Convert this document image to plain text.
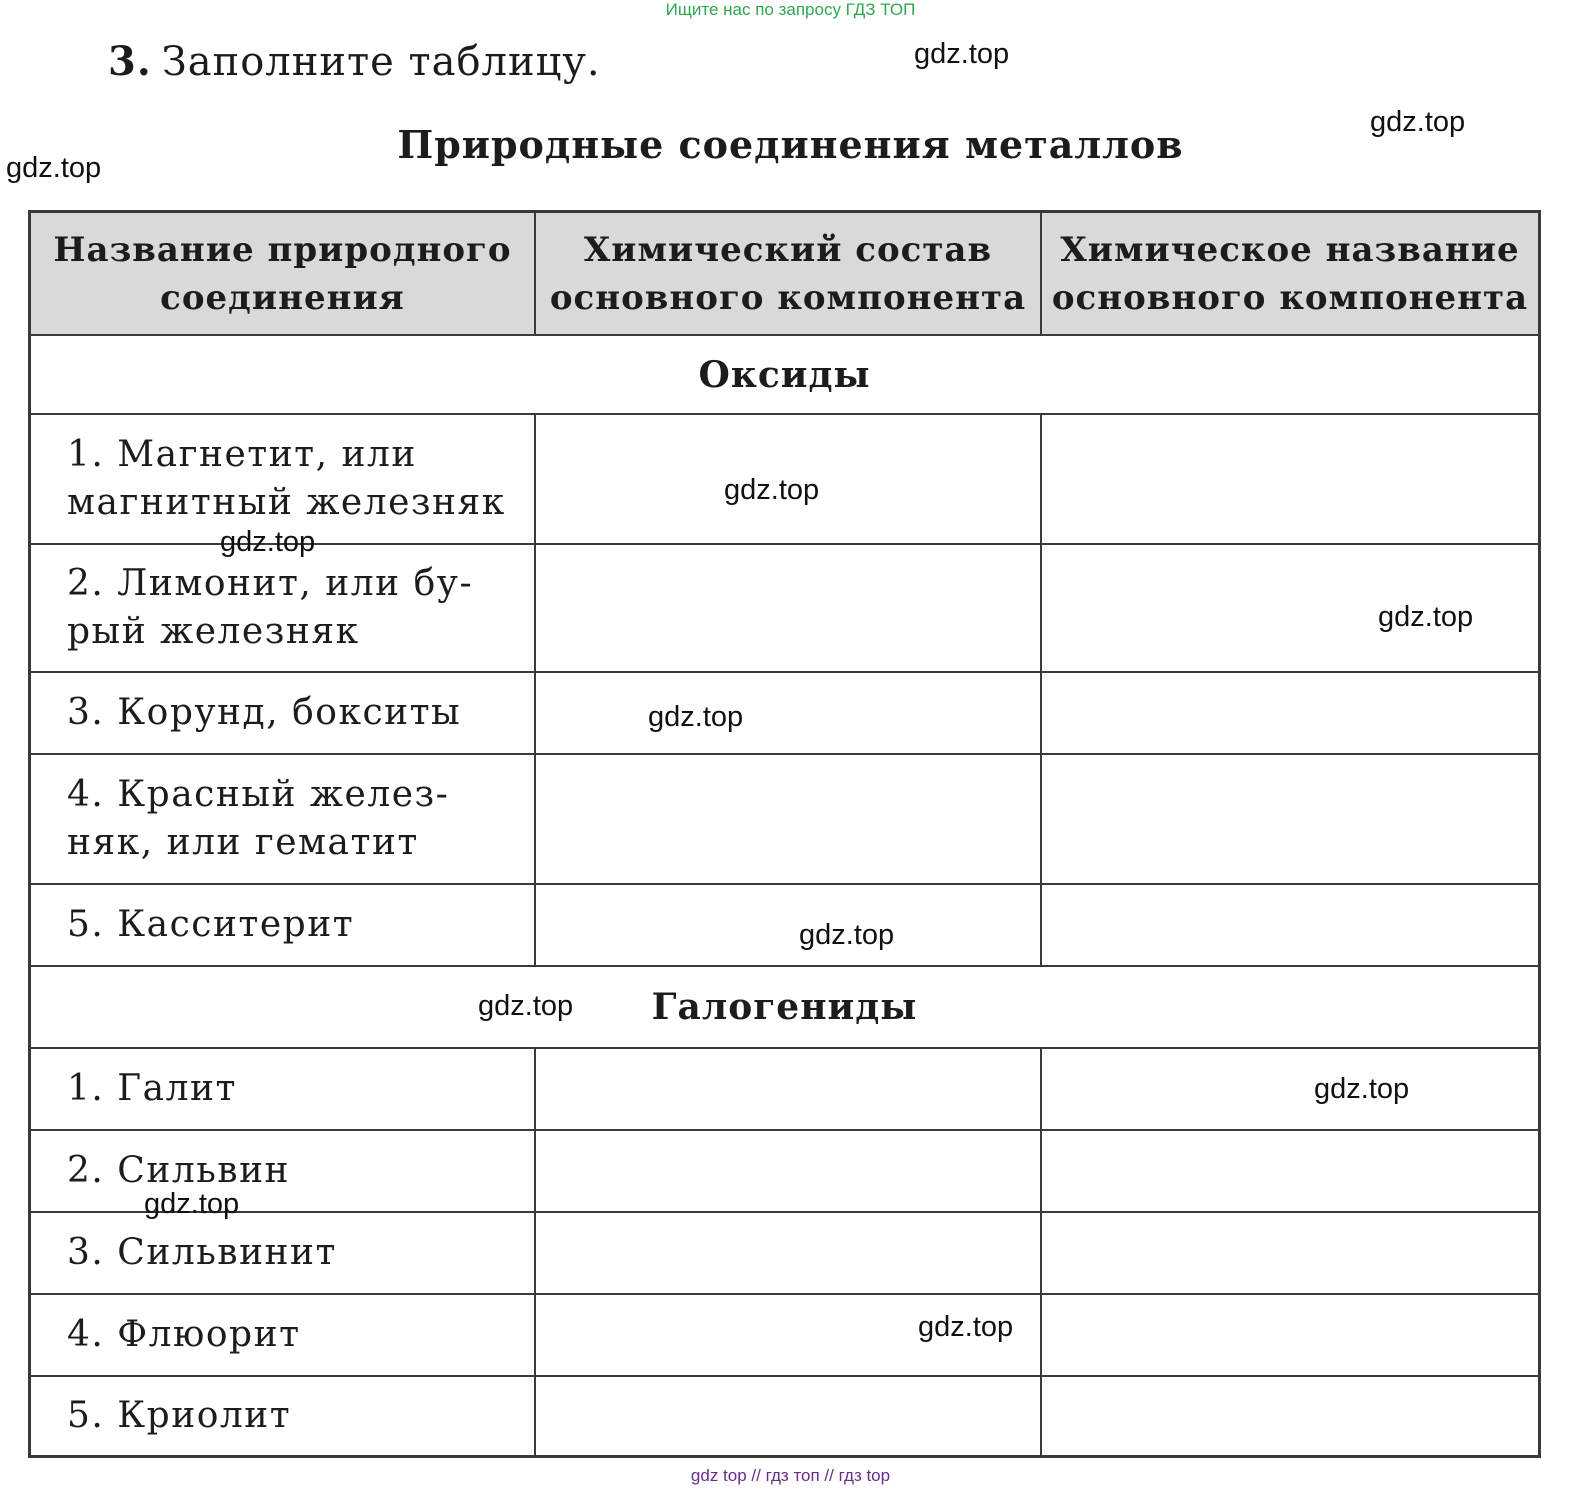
Ищите нас по запросу ГДЗ ТОП
3. Заполните таблицу.
Природные соединения металлов
Название природного соединения
Химический состав основного компонента
Химическое название основного компонента
Оксиды
1. Магнетит, или магнитный железняк
2. Лимонит, или бу-рый железняк
3. Корунд, бокситы
4. Красный желез-няк, или гематит
5. Касситерит
Галогениды
1. Галит
2. Сильвин
3. Сильвинит
4. Флюорит
5. Криолит
gdz.top
gdz.top
gdz.top
gdz.top
gdz.top
gdz.top
gdz.top
gdz.top
gdz.top
gdz.top
gdz.top
gdz.top
gdz top // гдз топ // гдз top
